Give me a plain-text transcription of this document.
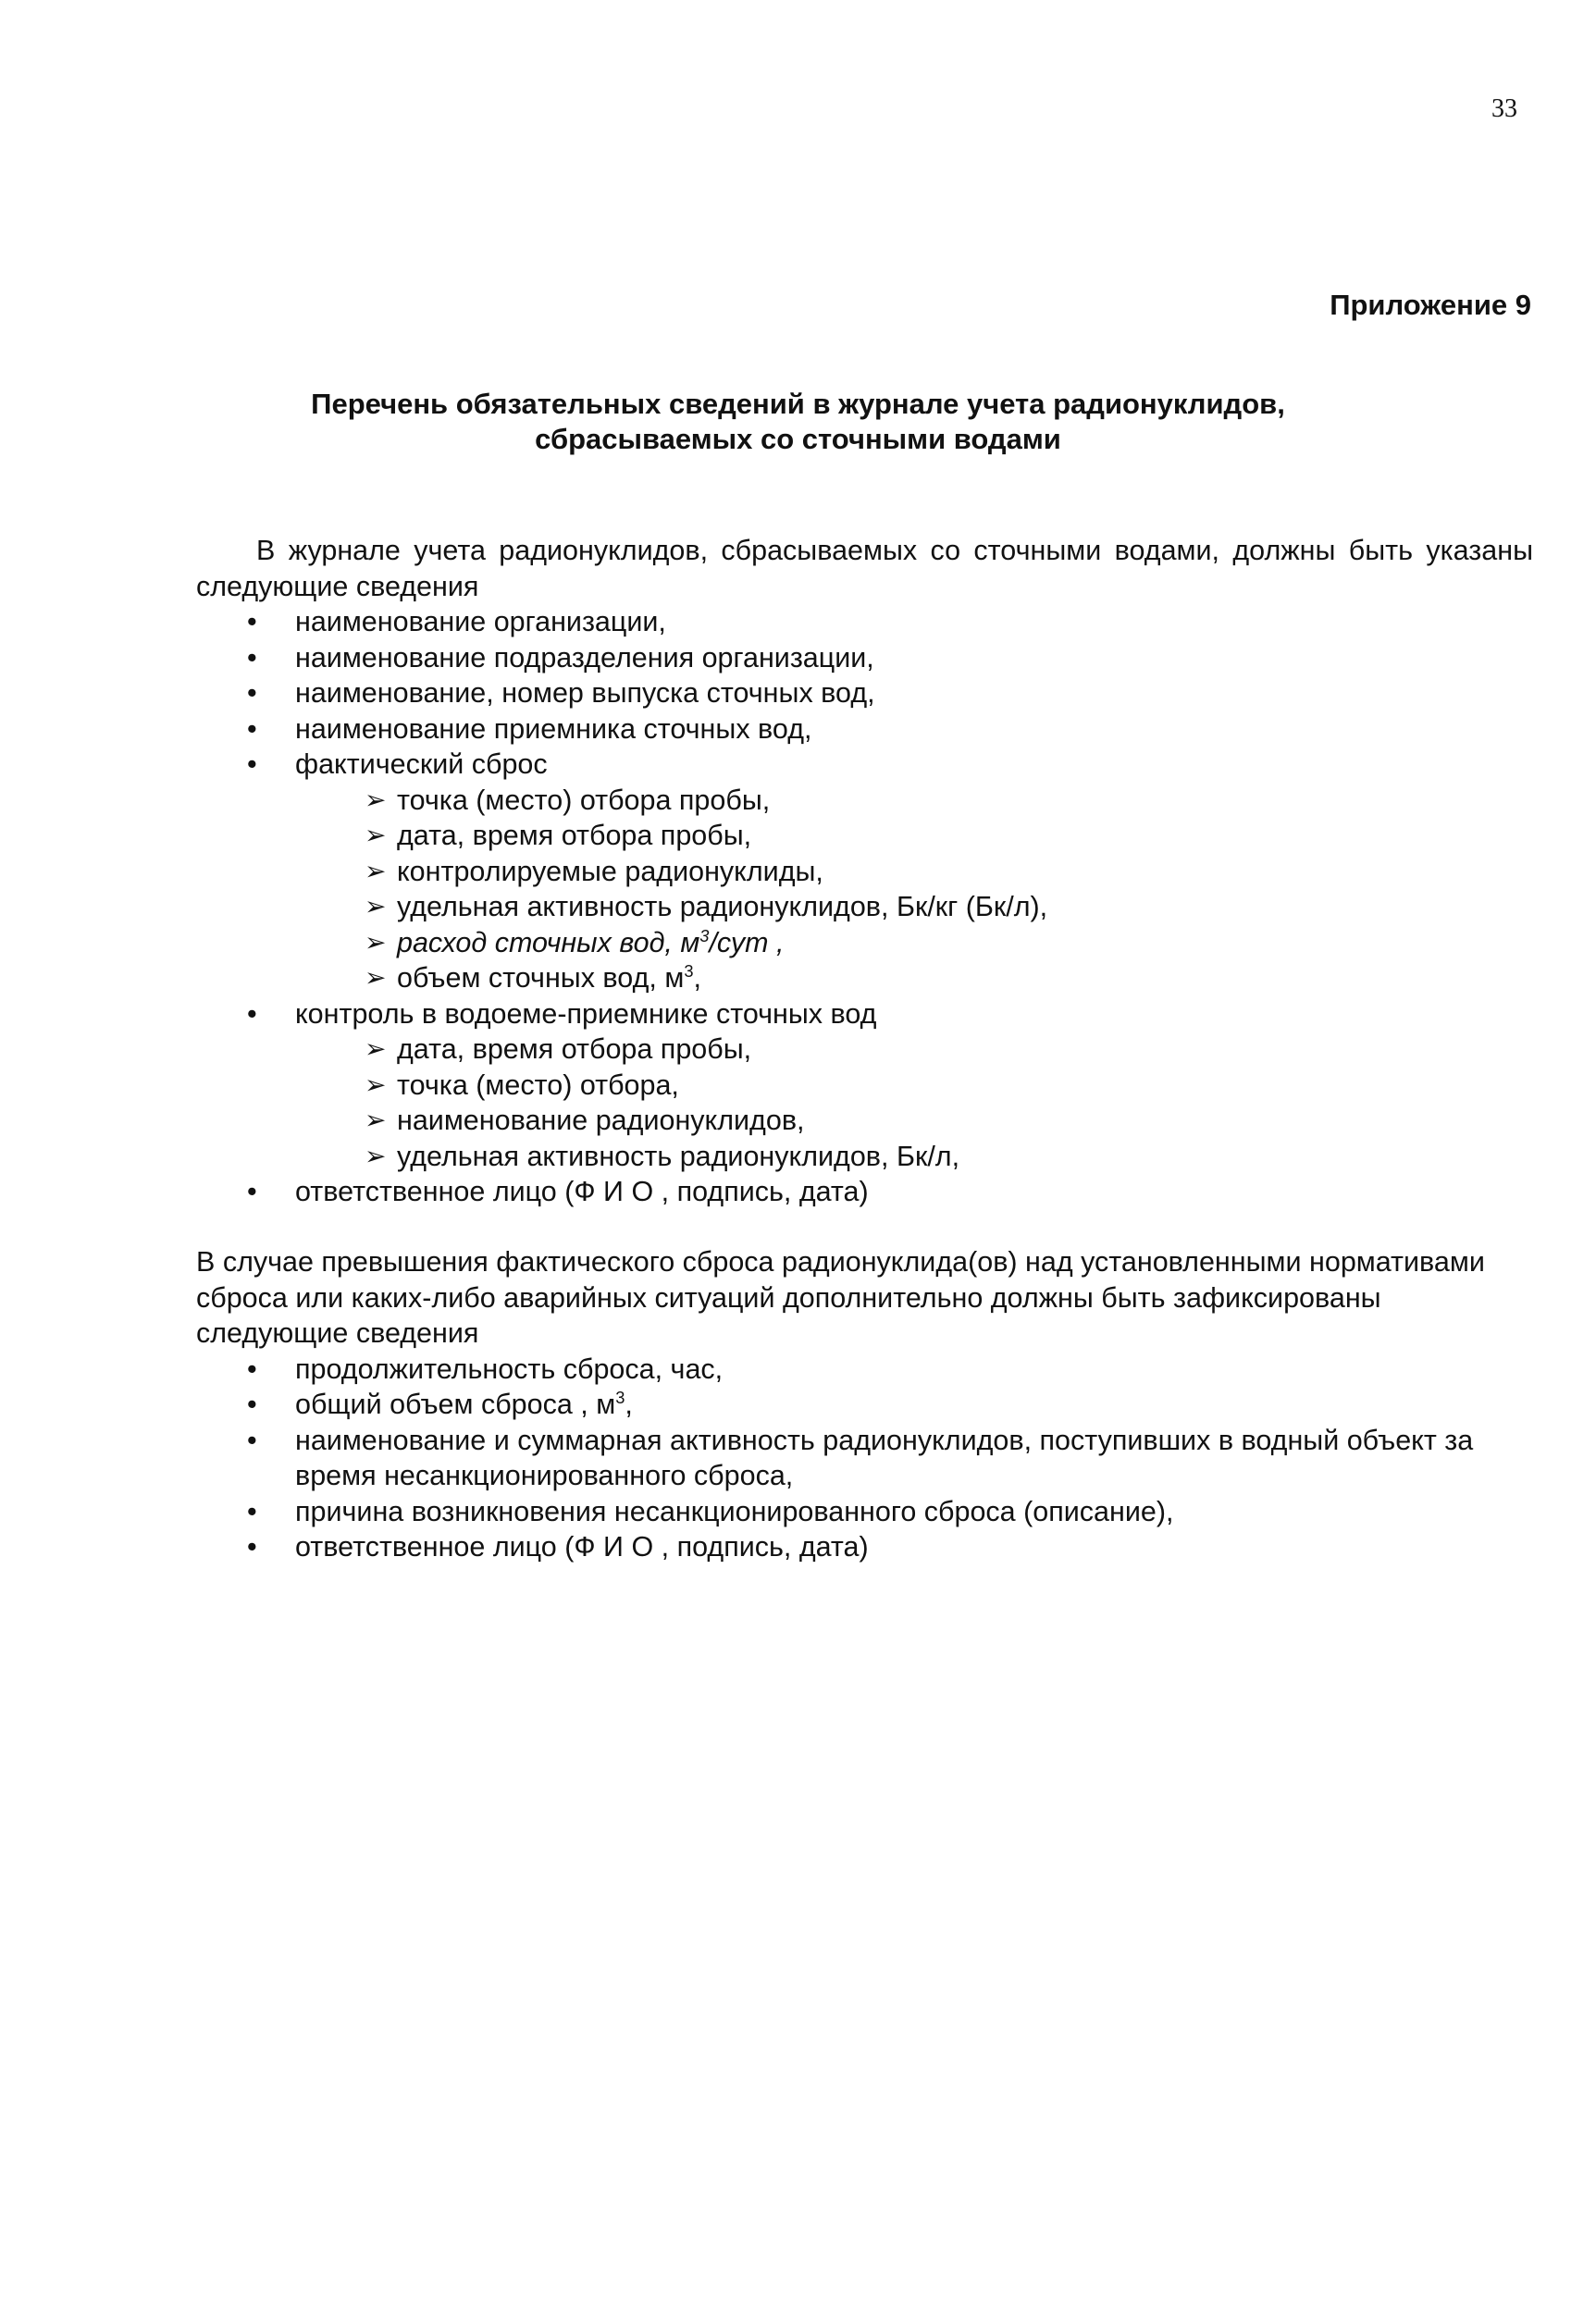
33
Приложение 9
Перечень обязательных сведений в журнале учета радионуклидов,
сбрасываемых со сточными водами

В журнале учета радионуклидов, сбрасываемых со сточными водами, должны быть указаны следующие сведения

• наименование организации,
• наименование подразделения организации,
• наименование, номер выпуска сточных вод,
• наименование приемника сточных вод,
• фактический сброс
➢ точка (место) отбора пробы,
➢ дата, время отбора пробы,
➢ контролируемые радионуклиды,
➢ удельная активность радионуклидов, Бк/кг (Бк/л),
➢ расход сточных вод, $м^3$/сут ,
➢ объем сточных вод, $м^3$,
• контроль в водоеме-приемнике сточных вод
➢ дата, время отбора пробы,
➢ точка (место) отбора,
➢ наименование радионуклидов,
➢ удельная активность радионуклидов, Бк/л,
• ответственное лицо (Ф И О , подпись, дата)

В случае превышения фактического сброса радионуклида(ов) над установленными нормативами сброса или каких-либо аварийных ситуаций дополнительно должны быть зафиксированы следующие сведения

• продолжительность сброса, час,
• общий объем сброса , $м^3$,
• наименование и суммарная активность радионуклидов, поступивших в водный объект за время несанкционированного сброса,
• причина возникновения несанкционированного сброса (описание),
• ответственное лицо (Ф И О , подпись, дата)
